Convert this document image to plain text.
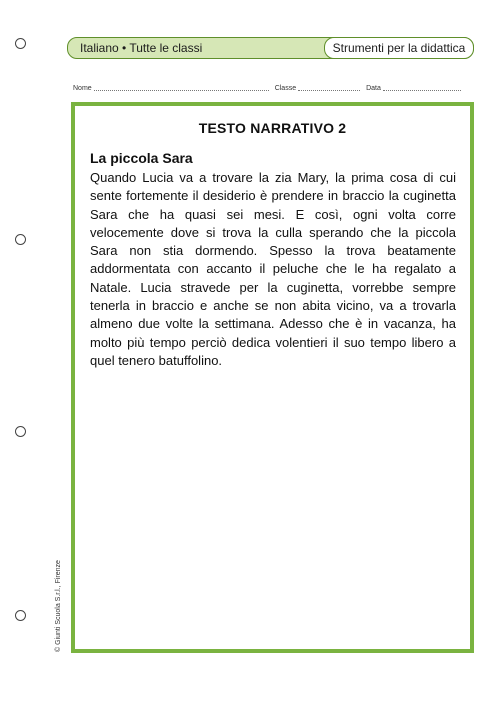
Italiano • Tutte le classi	Strumenti per la didattica
Nome	Classe	Data
TESTO NARRATIVO 2
La piccola Sara

Quando Lucia va a trovare la zia Mary, la prima cosa di cui sente fortemente il desiderio è prendere in braccio la cuginetta Sara che ha quasi sei mesi. E così, ogni volta corre velocemente dove si trova la culla sperando che la piccola Sara non stia dormendo. Spesso la trova beatamente addormentata con accanto il peluche che le ha regalato a Natale. Lucia stravede per la cuginetta, vorrebbe sempre tenerla in braccio e anche se non abita vicino, va a trovarla almeno due volte la settimana. Adesso che è in vacanza, ha molto più tempo perciò dedica volentieri il suo tempo libero a quel tenero batuffolino.

© Giunti Scuola S.r.l., Firenze
